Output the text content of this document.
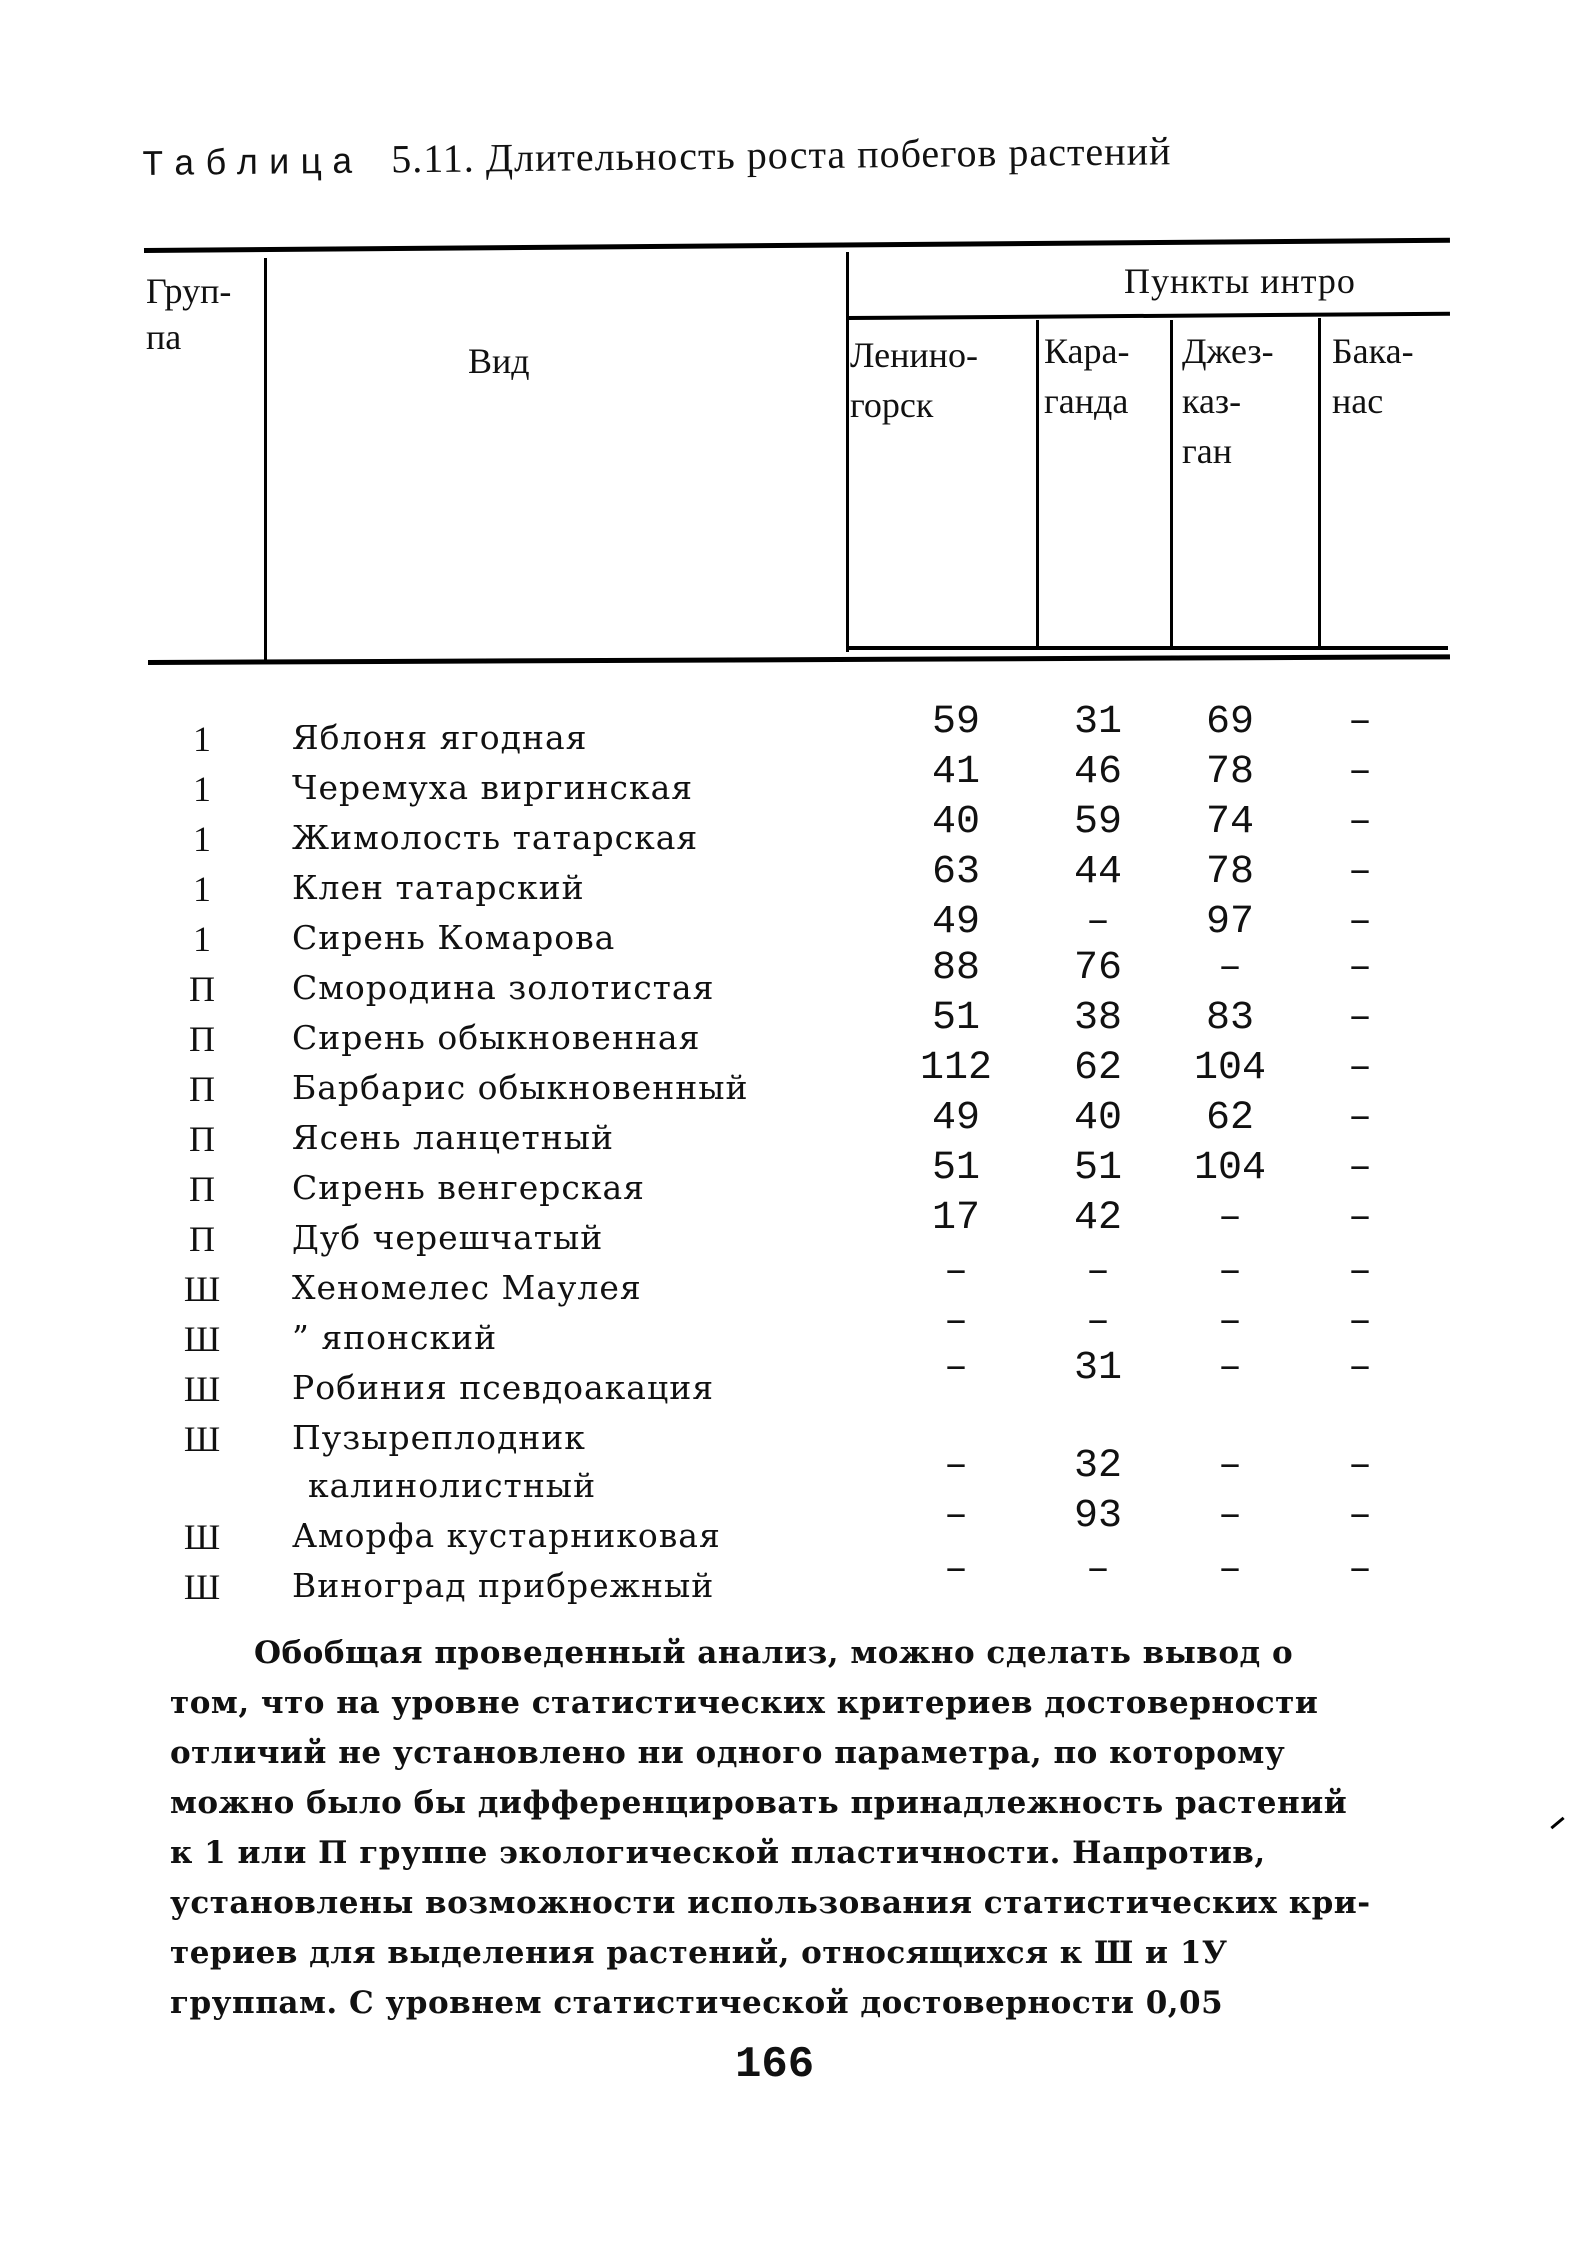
Таблица 5.11. Длительность роста побегов растений
Груп-
па
Вид
Пункты интро
Ленино-
горск
Кара-
ганда
Джез-
каз-
ган
Бака-
нас
1	Яблоня ягодная	59	31	69	–
1	Черемуха виргинская	41	46	78	–
1	Жимолость татарская	40	59	74	–
1	Клен татарский	63	44	78	–
1	Сирень Комарова	49	–	97	–
П Смородина золотистая	88	76	–	–
П Сирень обыкновенная	51	38	83	–
П Барбарис обыкновенный	112	62	104	–
П Ясень ланцетный	49	40	62	–
П Сирень венгерская	51	51	104	–
П Дуб черешчатый	17	42	–	–
Ш Хеномелес Маулея	–	–	–	–
Ш ” японский	–	–	–	–
Ш Робиния псевдоакация	–	31	–	–
Ш Пузыреплодник
калинолистный	–	32	–	–
Ш Аморфа кустарниковая	–	93	–	–
Ш Виноград прибрежный	–	–	–	–
Обобщая проведенный анализ, можно сделать вывод о
том, что на уровне статистических критериев достоверности
отличий не установлено ни одного параметра, по которому
можно было бы дифференцировать принадлежность растений
к 1 или П группе экологической пластичности. Напротив,
установлены возможности использования статистических кри-
териев для выделения растений, относящихся к Ш и 1У
группам. С уровнем статистической достоверности 0,05
166
